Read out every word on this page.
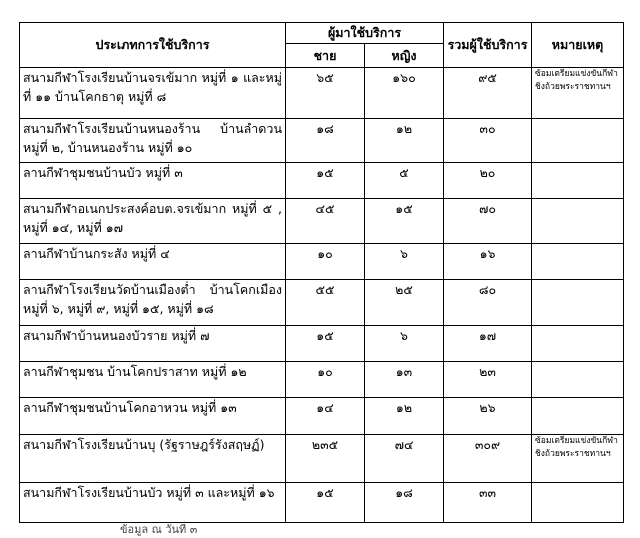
ประเภทการใช้บริการ	ผู้มาใช้บริการ		รวมผู้ใช้บริการ	หมายเหตุ
	ชาย	หญิง		
สนามกีฬาโรงเรียนบ้านจรเข้มาก หมู่ที่ ๑ และหมู่ที่ ๑๑ บ้านโคกธาตุ หมู่ที่ ๘	๖๕	๑๖๐	๙๕	ซ้อมเตรียมแข่งขันกีฬาชิงถ้วยพระราชทานฯ
สนามกีฬาโรงเรียนบ้านหนองร้าน บ้านลำดวน หมู่ที่ ๒, บ้านหนองร้าน หมู่ที่ ๑๐	๑๘	๑๒	๓๐	
ลานกีฬาชุมชนบ้านบัว หมู่ที่ ๓	๑๕	๕	๒๐	
สนามกีฬาอเนกประสงค์อบต.จรเข้มาก หมู่ที่ ๕ , หมู่ที่ ๑๔, หมู่ที่ ๑๗	๔๕	๑๕	๗๐	
ลานกีฬาบ้านกระสัง หมู่ที่ ๔	๑๐	๖	๑๖	
ลานกีฬาโรงเรียนวัดบ้านเมืองต่ำ บ้านโคกเมือง หมู่ที่ ๖, หมู่ที่ ๙, หมู่ที่ ๑๕, หมู่ที่ ๑๘	๕๕	๒๕	๘๐	
สนามกีฬาบ้านหนองบัวราย หมู่ที่ ๗	๑๕	๖	๑๗	
ลานกีฬาชุมชน บ้านโคกปราสาท หมู่ที่ ๑๒	๑๐	๑๓	๒๓	
ลานกีฬาชุมชนบ้านโคกอาหวน หมู่ที่ ๑๓	๑๔	๑๒	๒๖	
สนามกีฬาโรงเรียนบ้านบุ (รัฐราษฎร์รังสฤษฏ์)	๒๓๕	๗๔	๓๐๙	ซ้อมเตรียมแข่งขันกีฬาชิงถ้วยพระราชทานฯ
สนามกีฬาโรงเรียนบ้านบัว หมู่ที่ ๓ และหมู่ที่ ๑๖	๑๕	๑๘	๓๓	
ข้อมูล ณ วันที่ ๓
